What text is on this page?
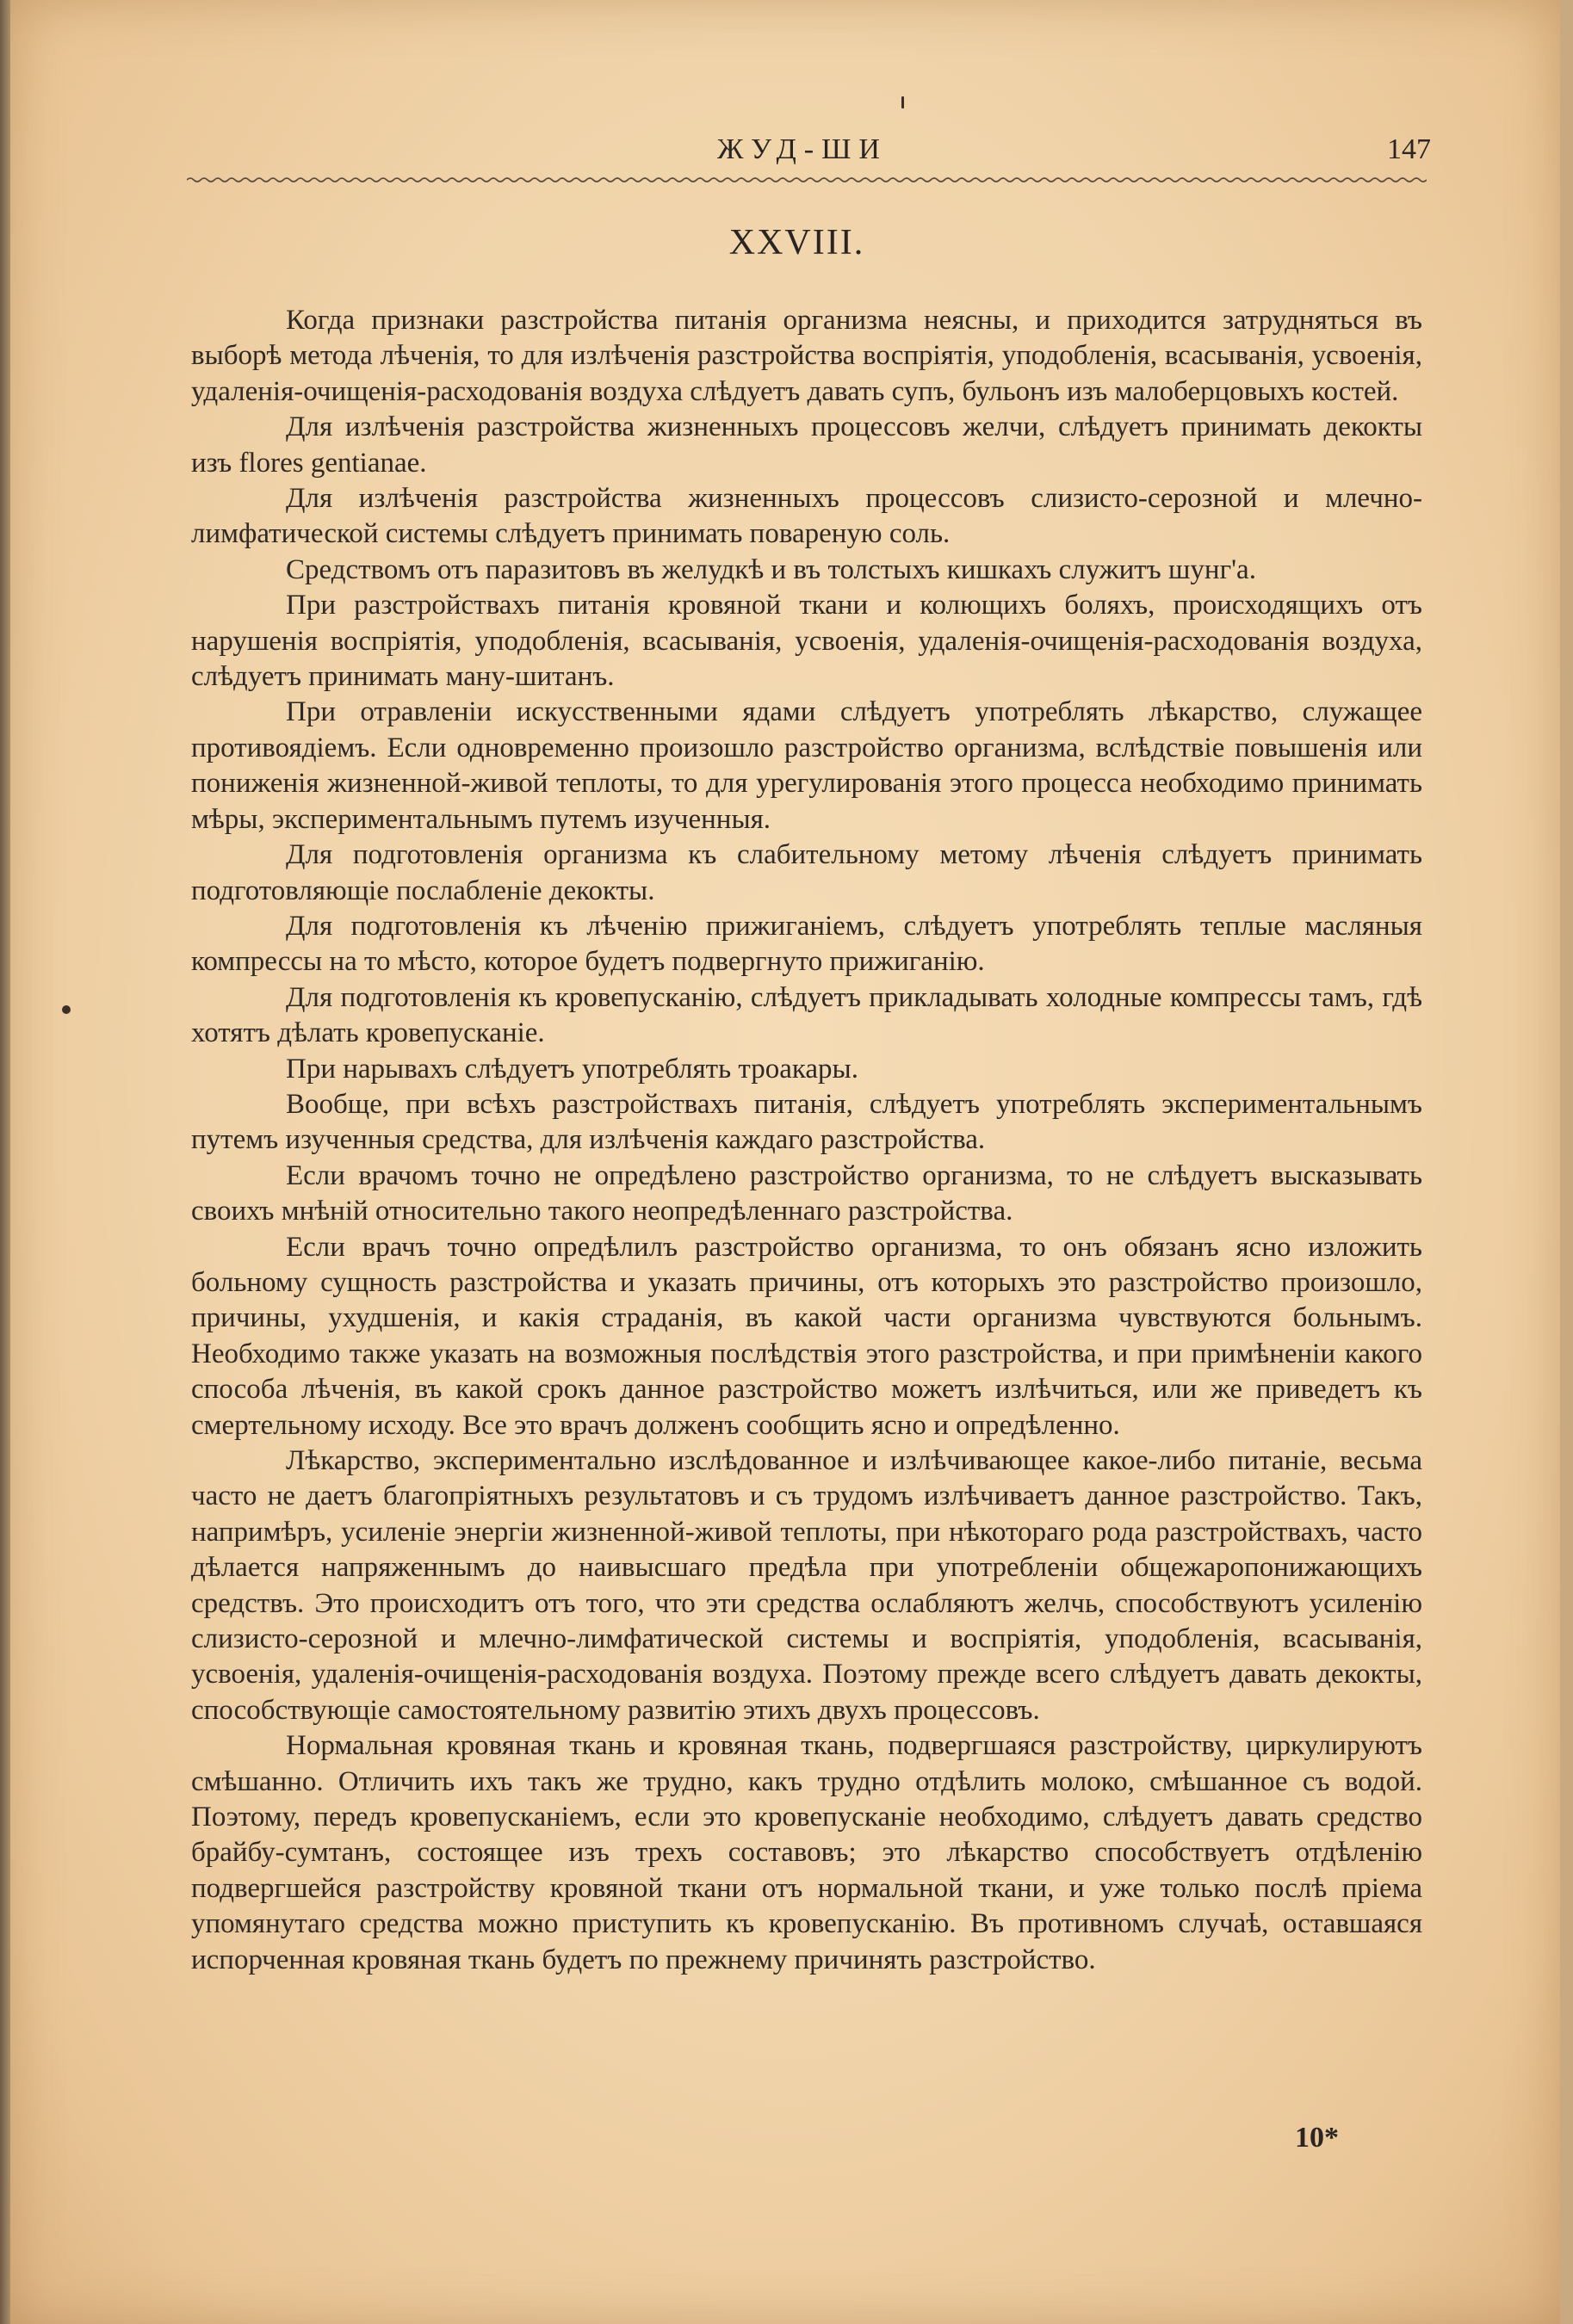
ЖУД-ШИ	147
XXVIII.

Когда признаки разстройства питанія организма неясны, и приходится затрудняться въ выборѣ метода лѣченія, то для излѣченія разстройства воспріятія, уподобленія, всасыванія, усвоенія, удаленія-очищенія-расходованія воздуха слѣдуетъ давать супъ, бульонъ изъ малоберцовыхъ костей.

Для излѣченія разстройства жизненныхъ процессовъ желчи, слѣдуетъ принимать декокты изъ flores gentianae.

Для излѣченія разстройства жизненныхъ процессовъ слизисто-серозной и млечно-лимфатической системы слѣдуетъ принимать повареную соль.

Средствомъ отъ паразитовъ въ желудкѣ и въ толстыхъ кишкахъ служитъ шунг'а.

При разстройствахъ питанія кровяной ткани и колющихъ боляхъ, происходящихъ отъ нарушенія воспріятія, уподобленія, всасыванія, усвоенія, удаленія-очищенія-расходованія воздуха, слѣдуетъ принимать ману-шитанъ.

При отравленіи искусственными ядами слѣдуетъ употреблять лѣкарство, служащее противоядіемъ. Если одновременно произошло разстройство организма, вслѣдствіе повышенія или пониженія жизненной-живой теплоты, то для урегулированія этого процесса необходимо принимать мѣры, экспериментальнымъ путемъ изученныя.

Для подготовленія организма къ слабительному метому лѣченія слѣдуетъ принимать подготовляющіе послабленіе декокты.

Для подготовленія къ лѣченію прижиганіемъ, слѣдуетъ употреблять теплые масляныя компрессы на то мѣсто, которое будетъ подвергнуто прижиганію.

Для подготовленія къ кровепусканію, слѣдуетъ прикладывать холодные компрессы тамъ, гдѣ хотятъ дѣлать кровепусканіе.

При нарывахъ слѣдуетъ употреблять троакары.

Вообще, при всѣхъ разстройствахъ питанія, слѣдуетъ употреблять экспериментальнымъ путемъ изученныя средства, для излѣченія каждаго разстройства.

Если врачомъ точно не опредѣлено разстройство организма, то не слѣдуетъ высказывать своихъ мнѣній относительно такого неопредѣленнаго разстройства.

Если врачъ точно опредѣлилъ разстройство организма, то онъ обязанъ ясно изложить больному сущность разстройства и указать причины, отъ которыхъ это разстройство произошло, причины, ухудшенія, и какія страданія, въ какой части организма чувствуются больнымъ. Необходимо также указать на возможныя послѣдствія этого разстройства, и при примѣненіи какого способа лѣченія, въ какой срокъ данное разстройство можетъ излѣчиться, или же приведетъ къ смертельному исходу. Все это врачъ долженъ сообщить ясно и опредѣленно.

Лѣкарство, экспериментально изслѣдованное и излѣчивающее какое-либо питаніе, весьма часто не даетъ благопріятныхъ результатовъ и съ трудомъ излѣчиваетъ данное разстройство. Такъ, напримѣръ, усиленіе энергіи жизненной-живой теплоты, при нѣкотораго рода разстройствахъ, часто дѣлается напряженнымъ до наивысшаго предѣла при употребленіи общежаропонижающихъ средствъ. Это происходитъ отъ того, что эти средства ослабляютъ желчь, способствуютъ усиленію слизисто-серозной и млечно-лимфатической системы и воспріятія, уподобленія, всасыванія, усвоенія, удаленія-очищенія-расходованія воздуха. Поэтому прежде всего слѣдуетъ давать декокты, способствующіе самостоятельному развитію этихъ двухъ процессовъ.

Нормальная кровяная ткань и кровяная ткань, подвергшаяся разстройству, циркулируютъ смѣшанно. Отличить ихъ такъ же трудно, какъ трудно отдѣлить молоко, смѣшанное съ водой. Поэтому, передъ кровепусканіемъ, если это кровепусканіе необходимо, слѣдуетъ давать средство брайбу-сумтанъ, состоящее изъ трехъ составовъ; это лѣкарство способствуетъ отдѣленію подвергшейся разстройству кровяной ткани отъ нормальной ткани, и уже только послѣ пріема упомянутаго средства можно приступить къ кровепусканію. Въ противномъ случаѣ, оставшаяся испорченная кровяная ткань будетъ по прежнему причинять разстройство.

10*
